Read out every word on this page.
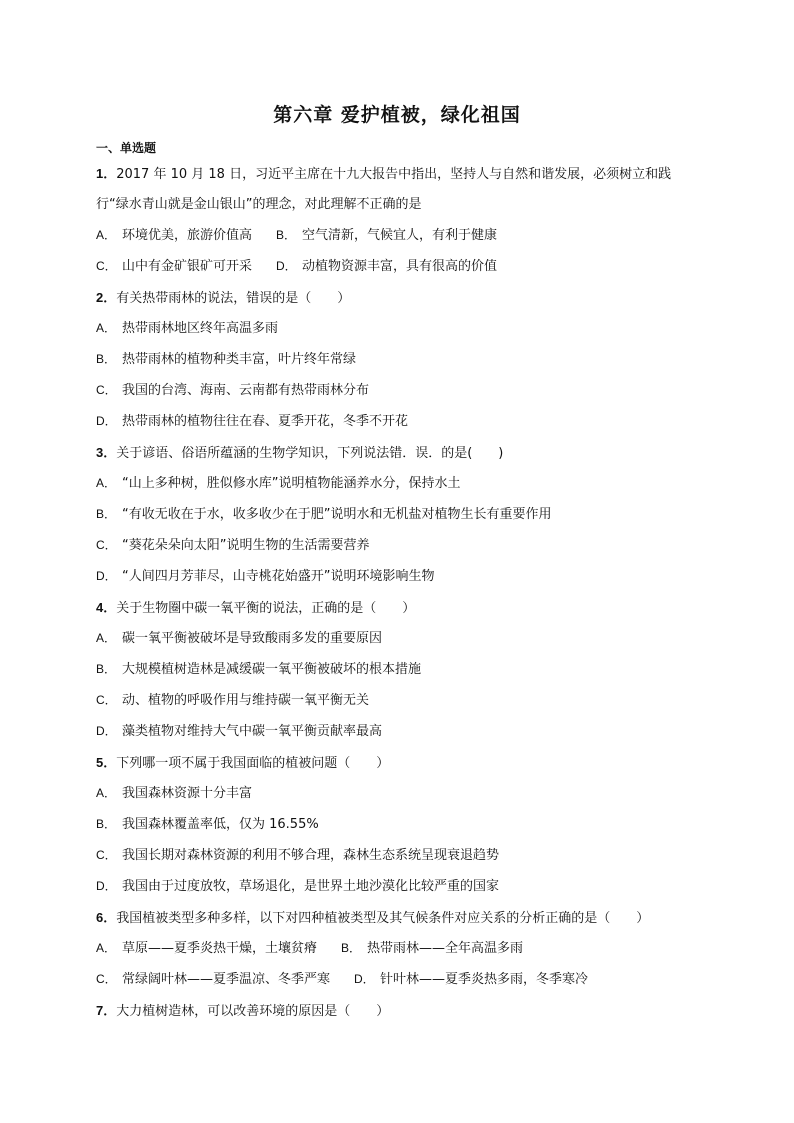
第六章 爱护植被，绿化祖国
一、单选题
1．2017 年 10 月 18 日，习近平主席在十九大报告中指出，坚持人与自然和谐发展，必须树立和践
行“绿水青山就是金山银山”的理念，对此理解不正确的是
A． 环境优美，旅游价值高 B． 空气清新，气候宜人，有利于健康
C． 山中有金矿银矿可开采 D． 动植物资源丰富，具有很高的价值
2．有关热带雨林的说法，错误的是（　　）
A． 热带雨林地区终年高温多雨
B． 热带雨林的植物种类丰富，叶片终年常绿
C． 我国的台湾、海南、云南都有热带雨林分布
D． 热带雨林的植物往往在春、夏季开花，冬季不开花
3．关于谚语、俗语所蕴涵的生物学知识，下列说法错．误．的是(　　)
A． “山上多种树，胜似修水库”说明植物能涵养水分，保持水土
B． “有收无收在于水，收多收少在于肥”说明水和无机盐对植物生长有重要作用
C． “葵花朵朵向太阳”说明生物的生活需要营养
D． “人间四月芳菲尽，山寺桃花始盛开”说明环境影响生物
4．关于生物圈中碳一氧平衡的说法，正确的是（　　）
A． 碳一氧平衡被破坏是导致酸雨多发的重要原因
B． 大规模植树造林是减缓碳一氧平衡被破坏的根本措施
C． 动、植物的呼吸作用与维持碳一氧平衡无关
D． 藻类植物对维持大气中碳一氧平衡贡献率最高
5．下列哪一项不属于我国面临的植被问题（　　）
A． 我国森林资源十分丰富
B． 我国森林覆盖率低，仅为 16.55%
C． 我国长期对森林资源的利用不够合理，森林生态系统呈现衰退趋势
D． 我国由于过度放牧，草场退化，是世界土地沙漠化比较严重的国家
6．我国植被类型多种多样，以下对四种植被类型及其气候条件对应关系的分析正确的是（　　）
A． 草原——夏季炎热干燥，土壤贫瘠 B． 热带雨林——全年高温多雨
C． 常绿阔叶林——夏季温凉、冬季严寒 D． 针叶林——夏季炎热多雨，冬季寒冷
7．大力植树造林，可以改善环境的原因是（　　）
